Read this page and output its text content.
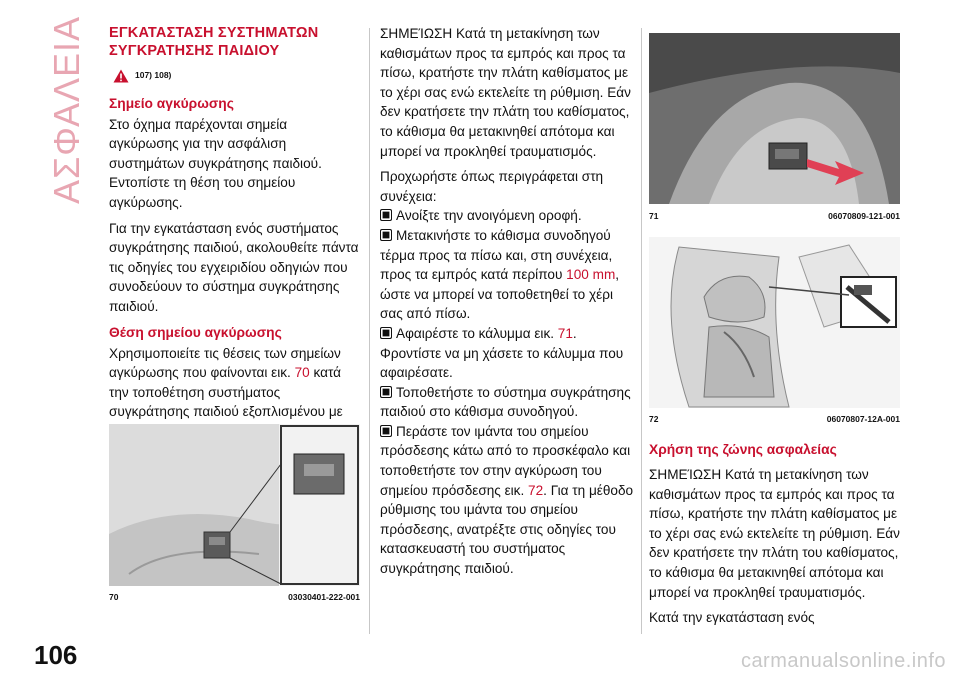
ΑΣΦΑΛΕΙΑ
106
ΕΓΚΑΤΑΣΤΑΣΗ ΣΥΣΤΗΜΑΤΩΝ
ΣΥΓΚΡΑΤΗΣΗΣ ΠΑΙΔΙΟΥ
107) 108)
Σημείο αγκύρωσης

Στο όχημα παρέχονται σημεία αγκύρωσης για την ασφάλιση συστημάτων συγκράτησης παιδιού. Εντοπίστε τη θέση του σημείου αγκύρωσης.

Για την εγκατάσταση ενός συστήματος συγκράτησης παιδιού, ακολουθείτε πάντα τις οδηγίες του εγχειριδίου οδηγιών που συνοδεύουν το σύστημα συγκράτησης παιδιού.

Θέση σημείου αγκύρωσης

Χρησιμοποιείτε τις θέσεις των σημείων αγκύρωσης που φαίνονται εικ. 70 κατά την τοποθέτηση συστήματος συγκράτησης παιδιού εξοπλισμένου με

70	03030401-222-001

ΣΗΜΕΊΩΣΗ Κατά τη μετακίνηση των καθισμάτων προς τα εμπρός και προς τα πίσω, κρατήστε την πλάτη καθίσματος με το χέρι σας ενώ εκτελείτε τη ρύθμιση. Εάν δεν κρατήσετε την πλάτη του καθίσματος, το κάθισμα θα μετακινηθεί απότομα και μπορεί να προκληθεί τραυματισμός.

Προχωρήστε όπως περιγράφεται στη συνέχεια:

Ανοίξτε την ανοιγόμενη οροφή.

Μετακινήστε το κάθισμα συνοδηγού τέρμα προς τα πίσω και, στη συνέχεια, προς τα εμπρός κατά περίπου 100 mm, ώστε να μπορεί να τοποθετηθεί το χέρι σας από πίσω.

Αφαιρέστε το κάλυμμα εικ. 71.
Φροντίστε να μη χάσετε το κάλυμμα που αφαιρέσατε.

Τοποθετήστε το σύστημα συγκράτησης παιδιού στο κάθισμα συνοδηγού.

Περάστε τον ιμάντα του σημείου πρόσδεσης κάτω από το προσκέφαλο και τοποθετήστε τον στην αγκύρωση του σημείου πρόσδεσης εικ. 72. Για τη μέθοδο ρύθμισης του ιμάντα του σημείου πρόσδεσης, ανατρέξτε στις οδηγίες του κατασκευαστή του συστήματος συγκράτησης παιδιού.

71	06070809-121-001
72	06070807-12A-001
Χρήση της ζώνης ασφαλείας

ΣΗΜΕΊΩΣΗ Κατά τη μετακίνηση των καθισμάτων προς τα εμπρός και προς τα πίσω, κρατήστε την πλάτη καθίσματος με το χέρι σας ενώ εκτελείτε τη ρύθμιση. Εάν δεν κρατήσετε την πλάτη του καθίσματος, το κάθισμα θα μετακινηθεί απότομα και μπορεί να προκληθεί τραυματισμός.

Κατά την εγκατάσταση ενός

carmanualsonline.info
